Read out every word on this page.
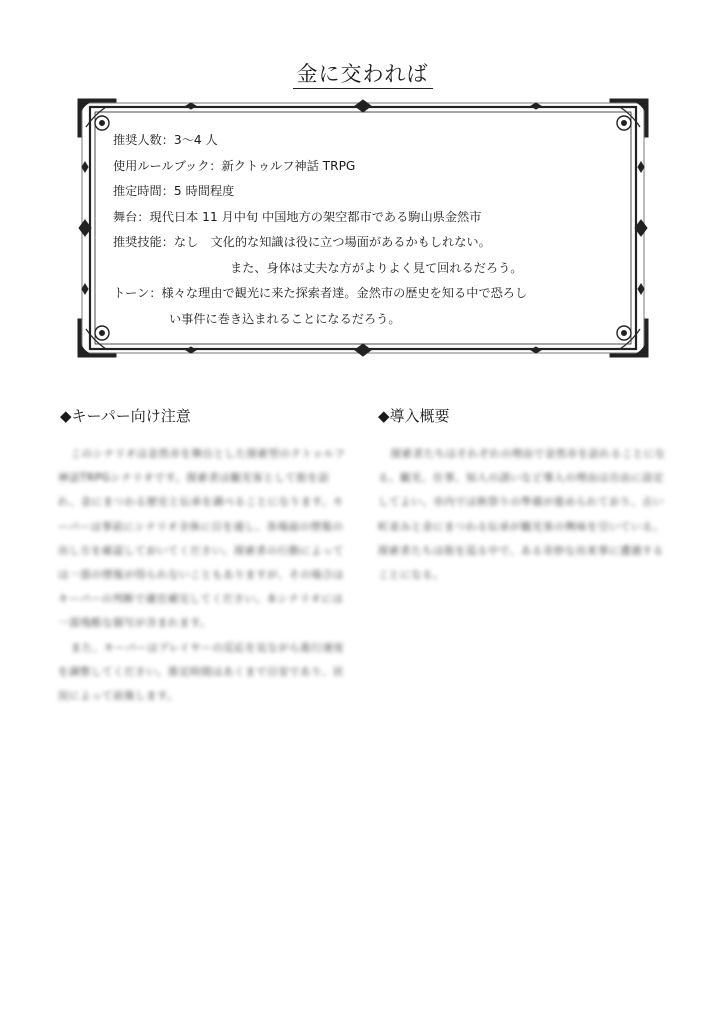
金に交われば
推奨人数：3〜4 人
使用ルールブック：新クトゥルフ神話 TRPG
推定時間：5 時間程度
舞台：現代日本 11 月中旬 中国地方の架空都市である駒山県金然市
推奨技能：なし　文化的な知識は役に立つ場面があるかもしれない。
また、身体は丈夫な方がよりよく見て回れるだろう。
トーン：様々な理由で観光に来た探索者達。金然市の歴史を知る中で恐ろし
い事件に巻き込まれることになるだろう。
◆キーパー向け注意	◆導入概要

このシナリオは金然市を舞台とした探索型のクトゥルフ神話TRPGシナリオです。探索者は観光客として街を訪れ、金にまつわる歴史と伝承を調べることになります。キーパーは事前にシナリオ全体に目を通し、各場面の情報の出し方を確認しておいてください。探索者の行動によっては一部の情報が得られないこともありますが、その場合はキーパーの判断で適宜補完してください。本シナリオには一部残酷な描写が含まれます。

また、キーパーはプレイヤーの反応を見ながら進行速度を調整してください。推定時間はあくまで目安であり、状況によって前後します。

探索者たちはそれぞれの理由で金然市を訪れることになる。観光、仕事、知人の誘いなど導入の理由は自由に設定してよい。市内では秋祭りの準備が進められており、古い町並みと金にまつわる伝承が観光客の興味を引いている。探索者たちは街を巡る中で、ある奇妙な出来事に遭遇することになる。
